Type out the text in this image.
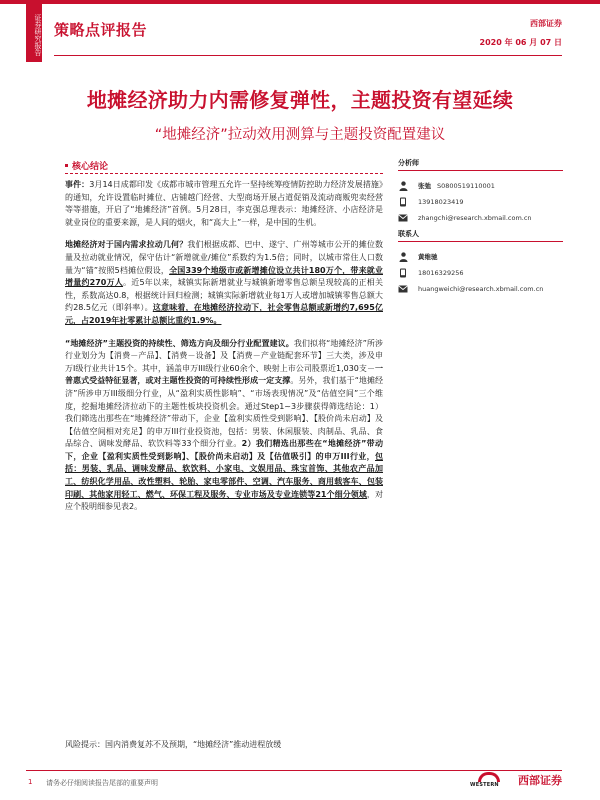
证券研究报告 策略点评报告	西部证券
2020 年 06 月 07 日
地摊经济助力内需修复弹性，主题投资有望延续
“地摊经济”拉动效用测算与主题投资配置建议
核心结论

事件：3月14日成都印发《成都市城市管理五允许一坚持统筹疫情防控助力经济发展措施》的通知，允许设置临时摊位、店铺越门经营、大型商场开展占道促销及流动商贩兜卖经营等等措施，开启了“地摊经济”首例。5月28日，李克强总理表示：地摊经济、小店经济是就业岗位的重要来源，是人间的烟火，和“高大上”一样，是中国的生机。

地摊经济对于国内需求拉动几何？我们根据成都、巴中、遂宁、广州等城市公开的摊位数量及拉动就业情况，保守估计“新增就业/摊位”系数约为1.5倍；同时，以城市常住人口数量为“锚”按照5档摊位假设，全国339个地级市或新增摊位设立共计180万个，带来就业增量约270万人。近5年以来，城镇实际新增就业与城镇新增零售总额呈现较高的正相关性，系数高达0.8，根据统计回归检测；城镇实际新增就业每1万人或增加城镇零售总额大约28.5亿元（即斜率）。这意味着，在地摊经济拉动下，社会零售总额或新增约7,695亿元，占2019年社零累计总额比重约1.9%。

“地摊经济”主题投资的持续性、筛选方向及细分行业配置建议。我们拟将“地摊经济”所涉行业划分为【消费－产品】、【消费－设备】及【消费－产业链配套环节】三大类，涉及申万I级行业共计15个。其中，涵盖申万III级行业60余个、映射上市公司股票近1,030支－一普惠式受益特征显著，或对主题性投资的可持续性形成一定支撑。另外，我们基于“地摊经济”所涉申万III级细分行业，从“盈利实质性影响”、“市场表现情况”及“估值空间”三个维度，挖掘地摊经济拉动下的主题性板块投资机会。通过Step1~3步骤获得筛选结论：1）我们筛选出那些在“地摊经济”带动下，企业【盈利实质性受到影响】、【股价尚未启动】及【估值空间相对充足】的申万III行业投资池，包括：男装、休闲服装、肉制品、乳品、食品综合、调味发酵品、软饮料等33个细分行业。2）我们精选出那些在“地摊经济”带动下，企业【盈利实质性受到影响】、【股价尚未启动】及【估值吸引】的申万III行业，包括：男装、乳品、调味发酵品、软饮料、小家电、文娱用品、珠宝首饰、其他农产品加工、纺织化学用品、改性塑料、轮胎、家电零部件、空调、汽车服务、商用载客车、包装印刷、其他家用轻工、燃气、环保工程及服务、专业市场及专业连锁等21个细分领域，对应个股明细参见表2。

风险提示：国内消费复苏不及预期，“地摊经济”推动进程放缓
分析师
张弛 S0800519110001
13918023419
zhangchi@research.xbmail.com.cn
联系人
黄维驰
18016329256
huangweichi@research.xbmail.com.cn
1 请务必仔细阅读报告尾部的重要声明	WESTERN 西部证券
